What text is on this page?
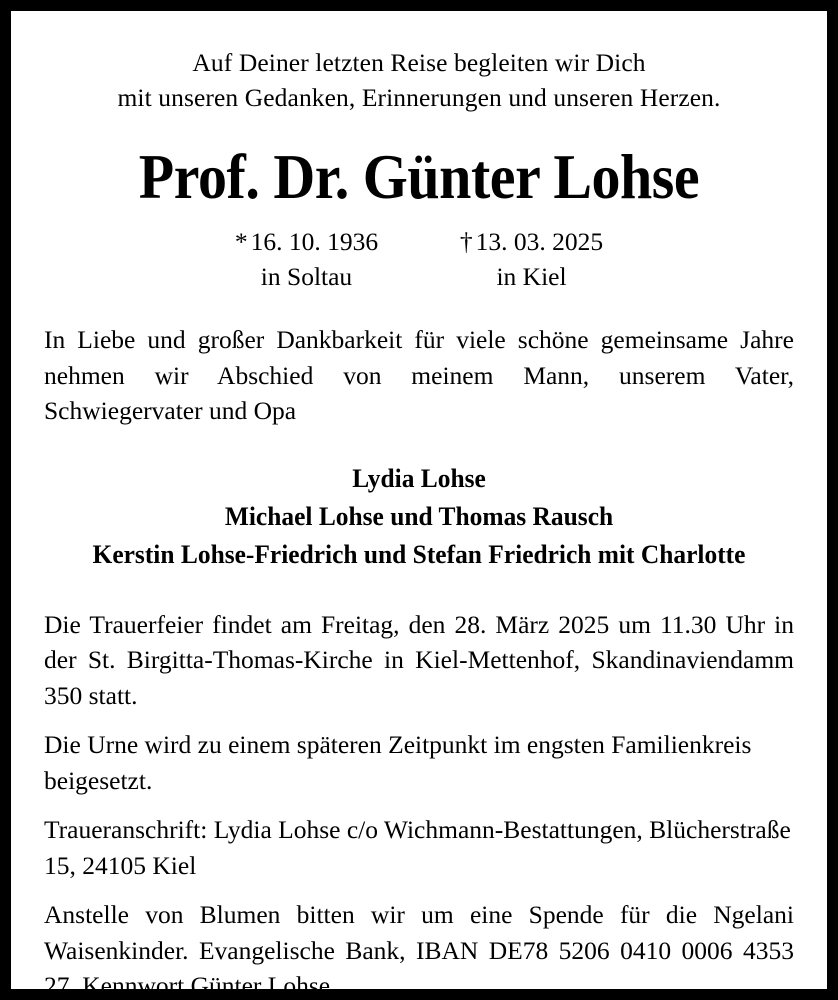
Auf Deiner letzten Reise begleiten wir Dich
mit unseren Gedanken, Erinnerungen und unseren Herzen.
Prof. Dr. Günter Lohse
* 16. 10. 1936
in Soltau
† 13. 03. 2025
in Kiel

In Liebe und großer Dankbarkeit für viele schöne gemeinsame Jahre nehmen wir Abschied von meinem Mann, unserem Vater, Schwiegervater und Opa

Lydia Lohse
Michael Lohse und Thomas Rausch
Kerstin Lohse-Friedrich und Stefan Friedrich mit Charlotte

Die Trauerfeier findet am Freitag, den 28. März 2025 um 11.30 Uhr in der St. Birgitta-Thomas-Kirche in Kiel-Mettenhof, Skandinaviendamm 350 statt.

Die Urne wird zu einem späteren Zeitpunkt im engsten Familienkreis beigesetzt.

Traueranschrift: Lydia Lohse c/o Wichmann-Bestattungen, Blücherstraße 15, 24105 Kiel

Anstelle von Blumen bitten wir um eine Spende für die Ngelani Waisenkinder. Evangelische Bank, IBAN DE78 5206 0410 0006 4353 27, Kennwort Günter Lohse.
